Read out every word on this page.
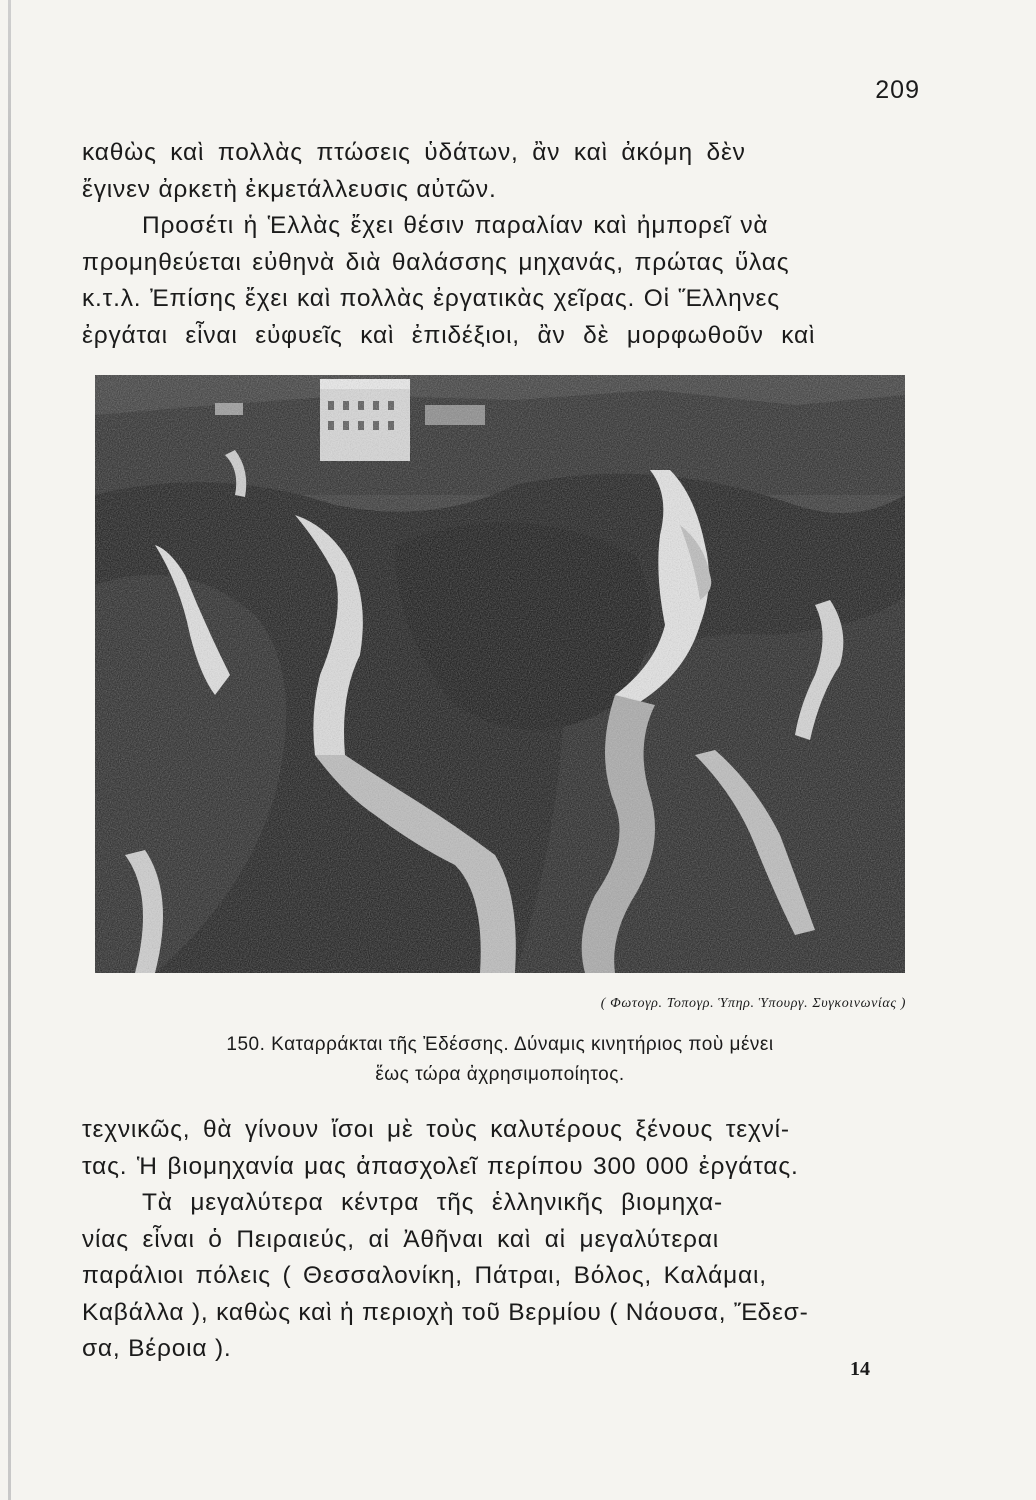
209
καθὼς καὶ πολλὰς πτώσεις ὑδάτων, ἂν καὶ ἀκόμη δὲν
ἔγινεν ἀρκετὴ ἐκμετάλλευσις αὐτῶν.
Προσέτι ἡ Ἑλλὰς ἔχει θέσιν παραλίαν καὶ ἠμπορεῖ νὰ
προμηθεύεται εὐθηνὰ διὰ θαλάσσης μηχανάς, πρώτας ὕλας
κ.τ.λ. Ἐπίσης ἔχει καὶ πολλὰς ἐργατικὰς χεῖρας. Οἱ Ἕλληνες
ἐργάται εἶναι εὐφυεῖς καὶ ἐπιδέξιοι, ἂν δὲ μορφωθοῦν καὶ
( Φωτογρ. Τοπογρ. Ὑπηρ. Ὑπουργ. Συγκοινωνίας )
150. Καταρράκται τῆς Ἐδέσσης. Δύναμις κινητήριος ποὺ μένει
ἕως τώρα ἀχρησιμοποίητος.
τεχνικῶς, θὰ γίνουν ἴσοι μὲ τοὺς καλυτέρους ξένους τεχνί-
τας. Ἡ βιομηχανία μας ἀπασχολεῖ περίπου 300 000 ἐργάτας.
Τὰ μεγαλύτερα κέντρα τῆς ἑλληνικῆς βιομηχα-
νίας εἶναι ὁ Πειραιεύς, αἱ Ἀθῆναι καὶ αἱ μεγαλύτεραι
παράλιοι πόλεις ( Θεσσαλονίκη, Πάτραι, Βόλος, Καλάμαι,
Καβάλλα ), καθὼς καὶ ἡ περιοχὴ τοῦ Βερμίου ( Νάουσα, Ἔδεσ-
σα, Βέροια ).
14
